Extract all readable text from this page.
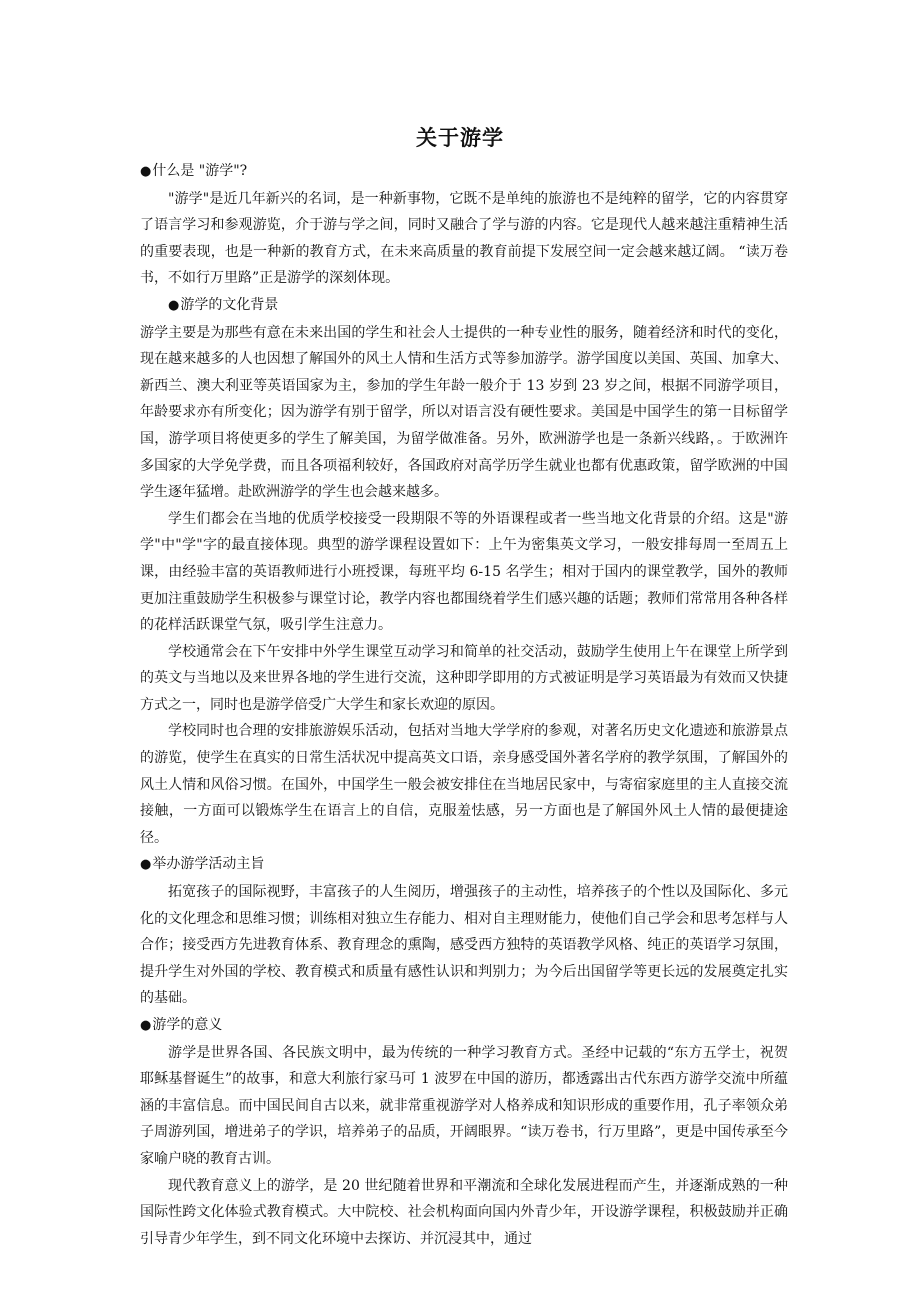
关于游学

●什么是 "游学"?

"游学"是近几年新兴的名词，是一种新事物，它既不是单纯的旅游也不是纯粹的留学，它的内容贯穿了语言学习和参观游览，介于游与学之间，同时又融合了学与游的内容。它是现代人越来越注重精神生活的重要表现，也是一种新的教育方式，在未来高质量的教育前提下发展空间一定会越来越辽阔。 “读万卷书，不如行万里路”正是游学的深刻体现。

●游学的文化背景

游学主要是为那些有意在未来出国的学生和社会人士提供的一种专业性的服务，随着经济和时代的变化，现在越来越多的人也因想了解国外的风土人情和生活方式等参加游学。游学国度以美国、英国、加拿大、新西兰、澳大利亚等英语国家为主，参加的学生年龄一般介于 13 岁到 23 岁之间，根据不同游学项目，年龄要求亦有所变化；因为游学有别于留学，所以对语言没有硬性要求。美国是中国学生的第一目标留学国，游学项目将使更多的学生了解美国，为留学做准备。另外，欧洲游学也是一条新兴线路，。于欧洲许多国家的大学免学费，而且各项福利较好，各国政府对高学历学生就业也都有优惠政策，留学欧洲的中国学生逐年猛增。赴欧洲游学的学生也会越来越多。

学生们都会在当地的优质学校接受一段期限不等的外语课程或者一些当地文化背景的介绍。这是"游学"中"学"字的最直接体现。典型的游学课程设置如下：上午为密集英文学习，一般安排每周一至周五上课，由经验丰富的英语教师进行小班授课，每班平均 6-15 名学生；相对于国内的课堂教学，国外的教师更加注重鼓励学生积极参与课堂讨论，教学内容也都围绕着学生们感兴趣的话题；教师们常常用各种各样的花样活跃课堂气氛，吸引学生注意力。

学校通常会在下午安排中外学生课堂互动学习和简单的社交活动，鼓励学生使用上午在课堂上所学到的英文与当地以及来世界各地的学生进行交流，这种即学即用的方式被证明是学习英语最为有效而又快捷方式之一，同时也是游学倍受广大学生和家长欢迎的原因。

学校同时也合理的安排旅游娱乐活动，包括对当地大学学府的参观，对著名历史文化遗迹和旅游景点的游览，使学生在真实的日常生活状况中提高英文口语，亲身感受国外著名学府的教学氛围，了解国外的风土人情和风俗习惯。在国外，中国学生一般会被安排住在当地居民家中，与寄宿家庭里的主人直接交流接触，一方面可以锻炼学生在语言上的自信，克服羞怯感，另一方面也是了解国外风土人情的最便捷途径。

●举办游学活动主旨

拓宽孩子的国际视野，丰富孩子的人生阅历，增强孩子的主动性，培养孩子的个性以及国际化、多元化的文化理念和思维习惯；训练相对独立生存能力、相对自主理财能力，使他们自己学会和思考怎样与人合作；接受西方先进教育体系、教育理念的熏陶，感受西方独特的英语教学风格、纯正的英语学习氛围，提升学生对外国的学校、教育模式和质量有感性认识和判别力；为今后出国留学等更长远的发展奠定扎实的基础。

●游学的意义

游学是世界各国、各民族文明中，最为传统的一种学习教育方式。圣经中记载的“东方五学士，祝贺耶稣基督诞生”的故事，和意大利旅行家马可 1 波罗在中国的游历，都透露出古代东西方游学交流中所蕴涵的丰富信息。而中国民间自古以来，就非常重视游学对人格养成和知识形成的重要作用，孔子率领众弟子周游列国，增进弟子的学识，培养弟子的品质，开阔眼界。“读万卷书，行万里路”，更是中国传承至今家喻户晓的教育古训。

现代教育意义上的游学，是 20 世纪随着世界和平潮流和全球化发展进程而产生，并逐渐成熟的一种国际性跨文化体验式教育模式。大中院校、社会机构面向国内外青少年，开设游学课程，积极鼓励并正确引导青少年学生，到不同文化环境中去探访、并沉浸其中，通过
